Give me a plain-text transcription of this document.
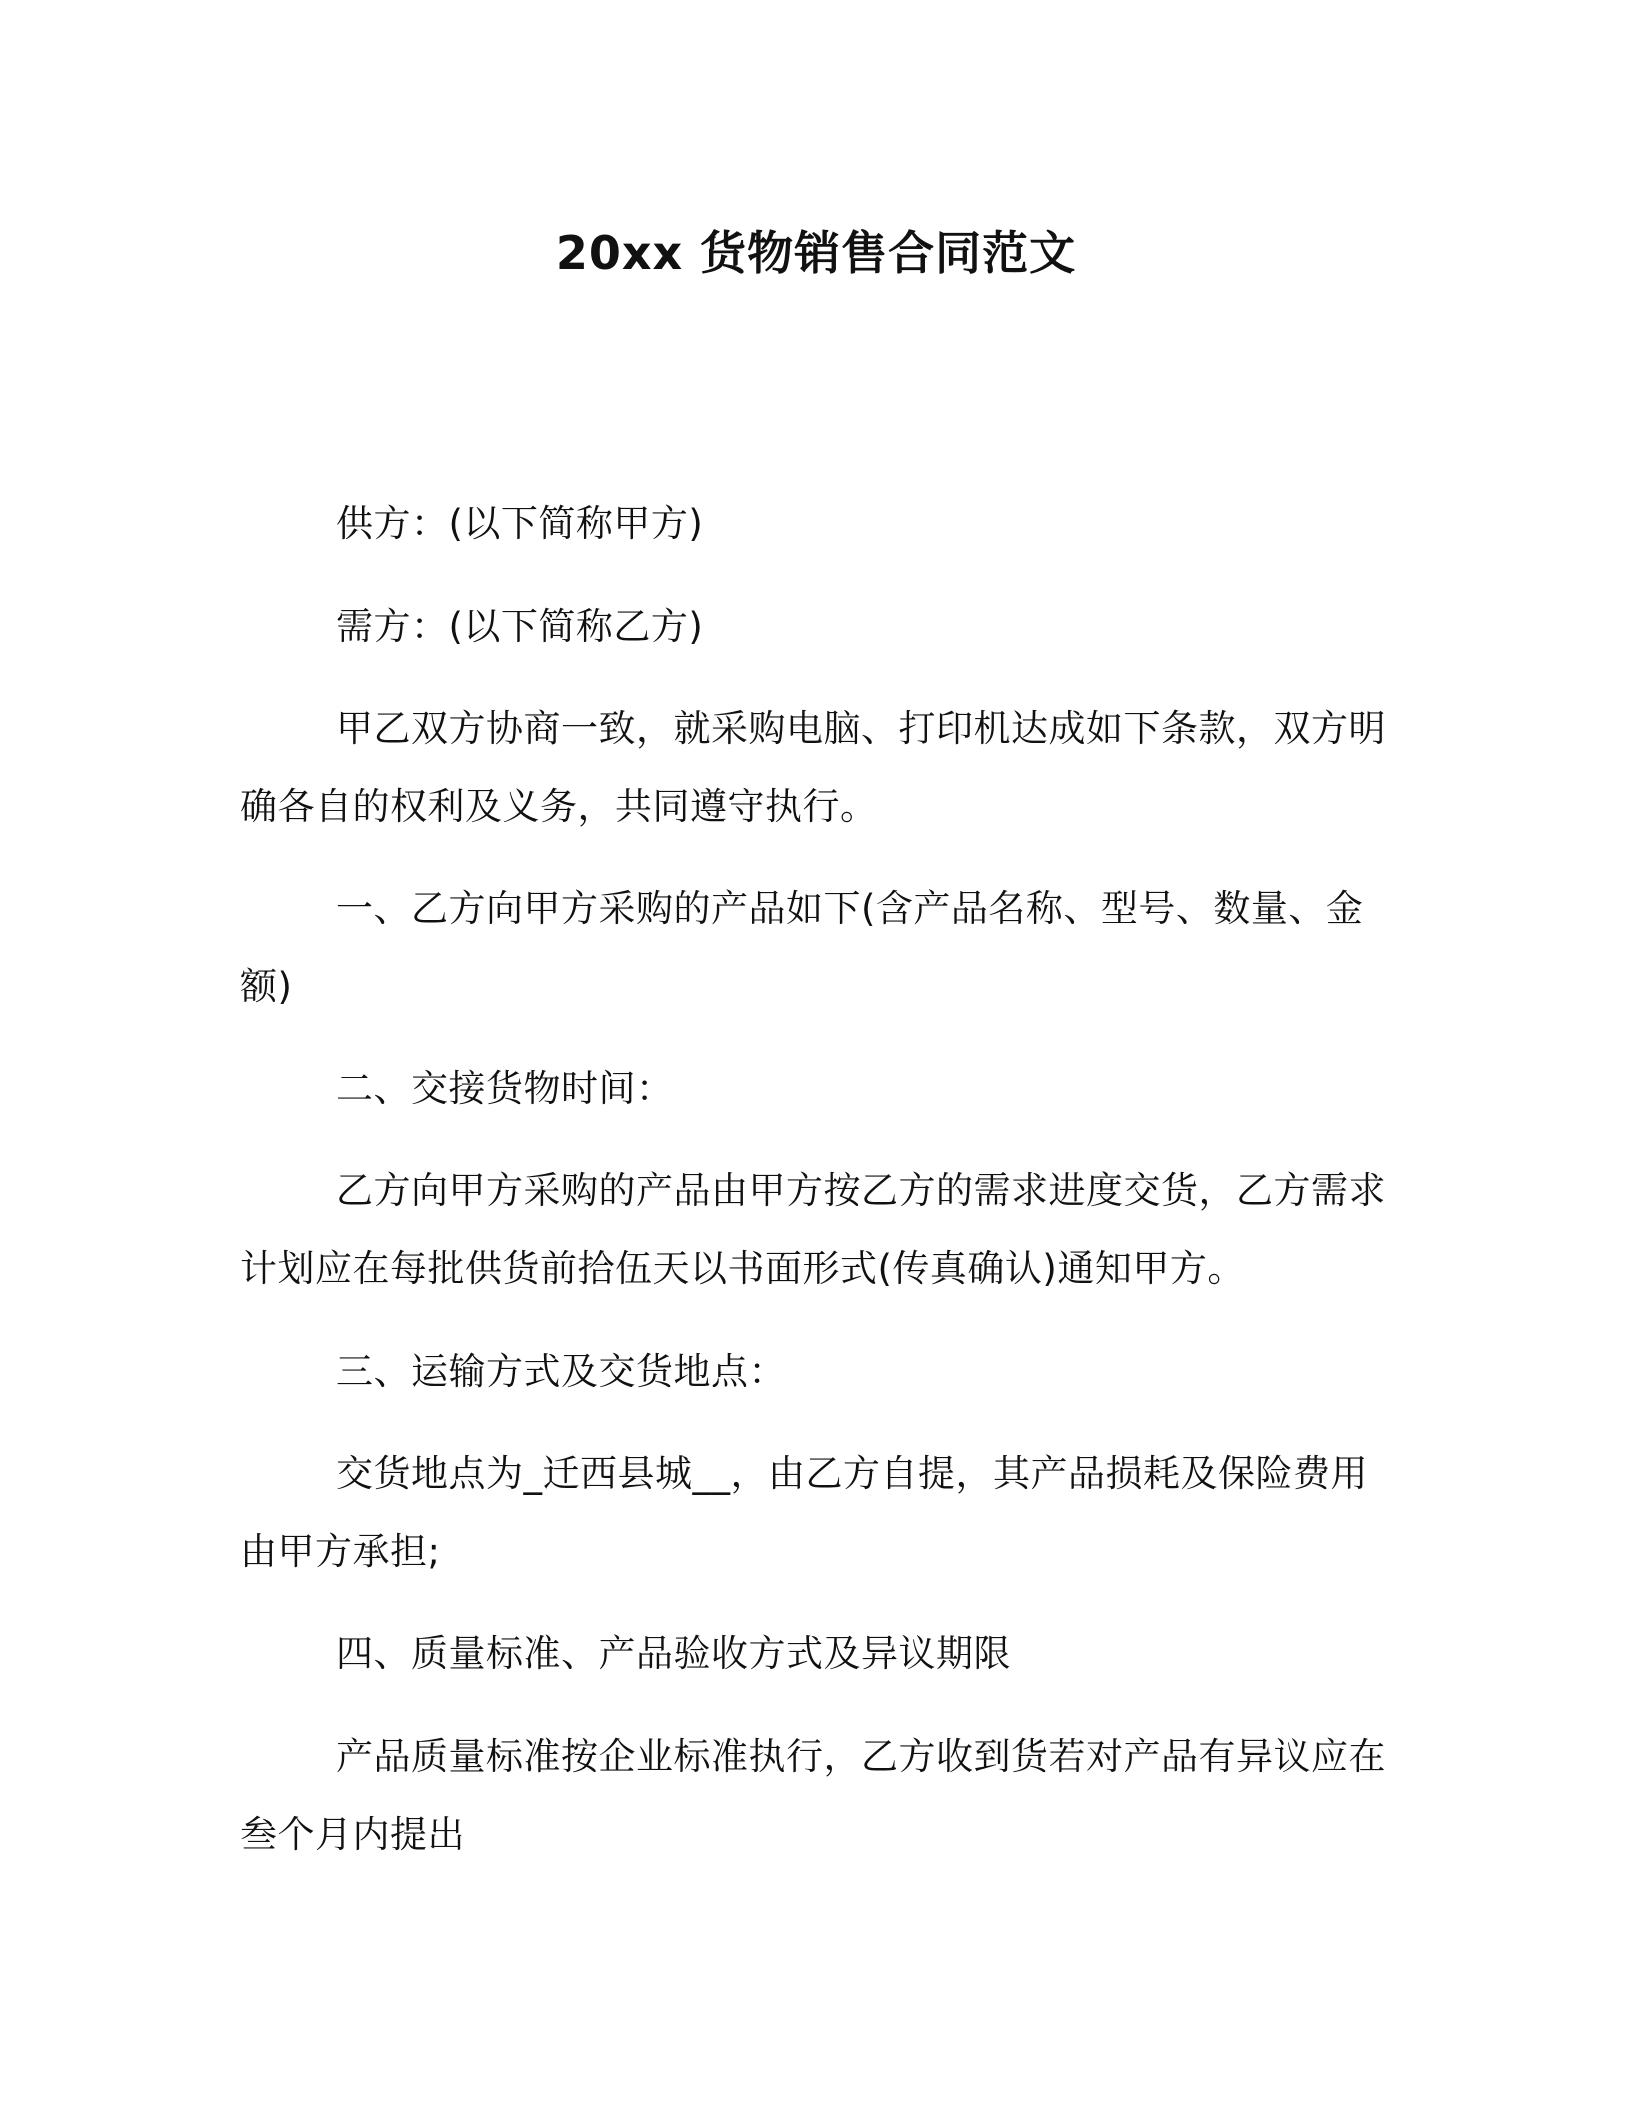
20xx 货物销售合同范文

供方：(以下简称甲方)

需方：(以下简称乙方)

甲乙双方协商一致，就采购电脑、打印机达成如下条款，双方明确各自的权利及义务，共同遵守执行。

一、乙方向甲方采购的产品如下(含产品名称、型号、数量、金额)

二、交接货物时间：

乙方向甲方采购的产品由甲方按乙方的需求进度交货，乙方需求计划应在每批供货前拾伍天以书面形式(传真确认)通知甲方。

三、运输方式及交货地点：

交货地点为_迁西县城__，由乙方自提，其产品损耗及保险费用由甲方承担;

四、质量标准、产品验收方式及异议期限

产品质量标准按企业标准执行，乙方收到货若对产品有异议应在叁个月内提出
